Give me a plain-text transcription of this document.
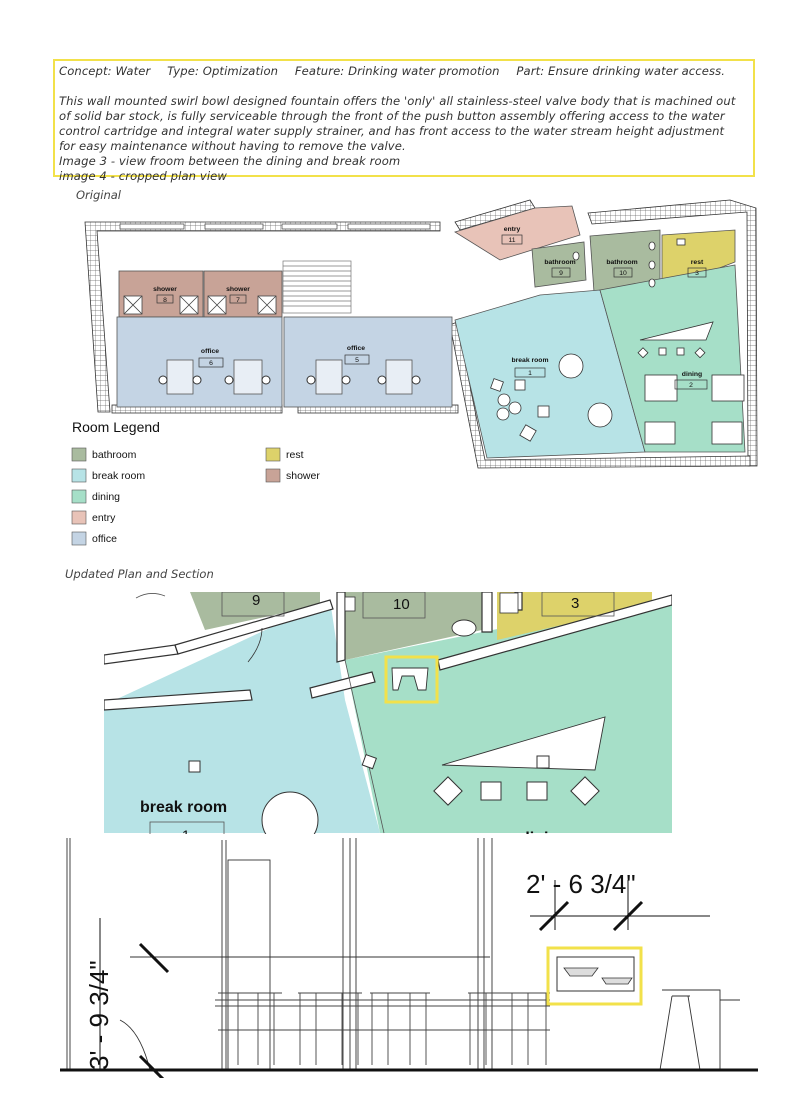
Concept: Water Type: Optimization Feature: Drinking water promotion Part: Ensure drinking water access.

This wall mounted swirl bowl designed fountain offers the 'only' all stainless-steel valve body that is machined out

of solid bar stock, is fully serviceable through the front of the push button assembly offering access to the water

control cartridge and integral water supply strainer, and has front access to the water stream height adjustment

for easy maintenance without having to remove the valve.

Image 3 - view froom between the dining and break room

image 4 - cropped plan view

Original
Updated Plan and Section
entry
bathroom	bathroom	rest
shower	shower
office	office
break room
dining
11
9	10	3
8	7
6	5
1
2
Room Legend
bathroom
break room
dining
entry
office
rest
shower
9	10	3
break room
1	dini
2' - 6 3/4"
3' - 9 3/4"
